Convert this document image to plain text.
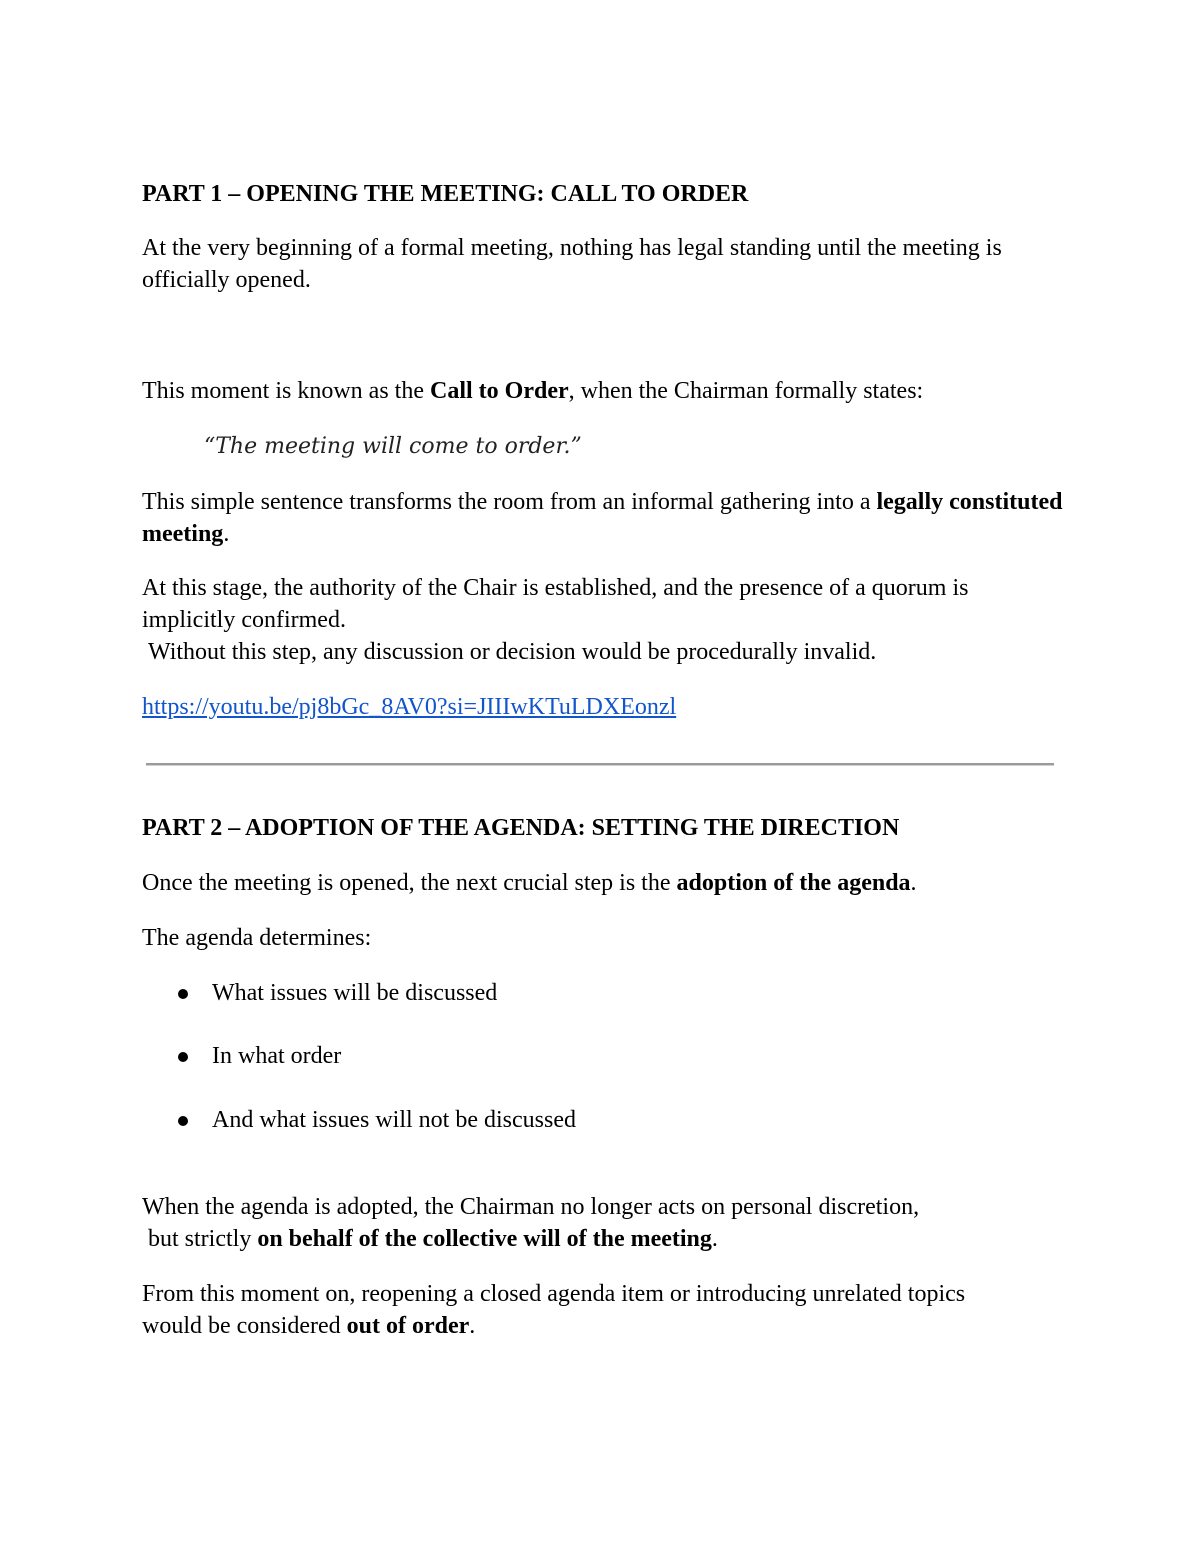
PART 1 – OPENING THE MEETING: CALL TO ORDER

At the very beginning of a formal meeting, nothing has legal standing until the meeting is officially opened.

This moment is known as the Call to Order, when the Chairman formally states:

“The meeting will come to order.”

This simple sentence transforms the room from an informal gathering into a legally constituted meeting.

At this stage, the authority of the Chair is established, and the presence of a quorum is implicitly confirmed.

Without this step, any discussion or decision would be procedurally invalid.

https://youtu.be/pj8bGc_8AV0?si=JIIIwKTuLDXEonzl

PART 2 – ADOPTION OF THE AGENDA: SETTING THE DIRECTION

Once the meeting is opened, the next crucial step is the adoption of the agenda.

The agenda determines:

What issues will be discussed

In what order

And what issues will not be discussed

When the agenda is adopted, the Chairman no longer acts on personal discretion,

but strictly on behalf of the collective will of the meeting.

From this moment on, reopening a closed agenda item or introducing unrelated topics would be considered out of order.
